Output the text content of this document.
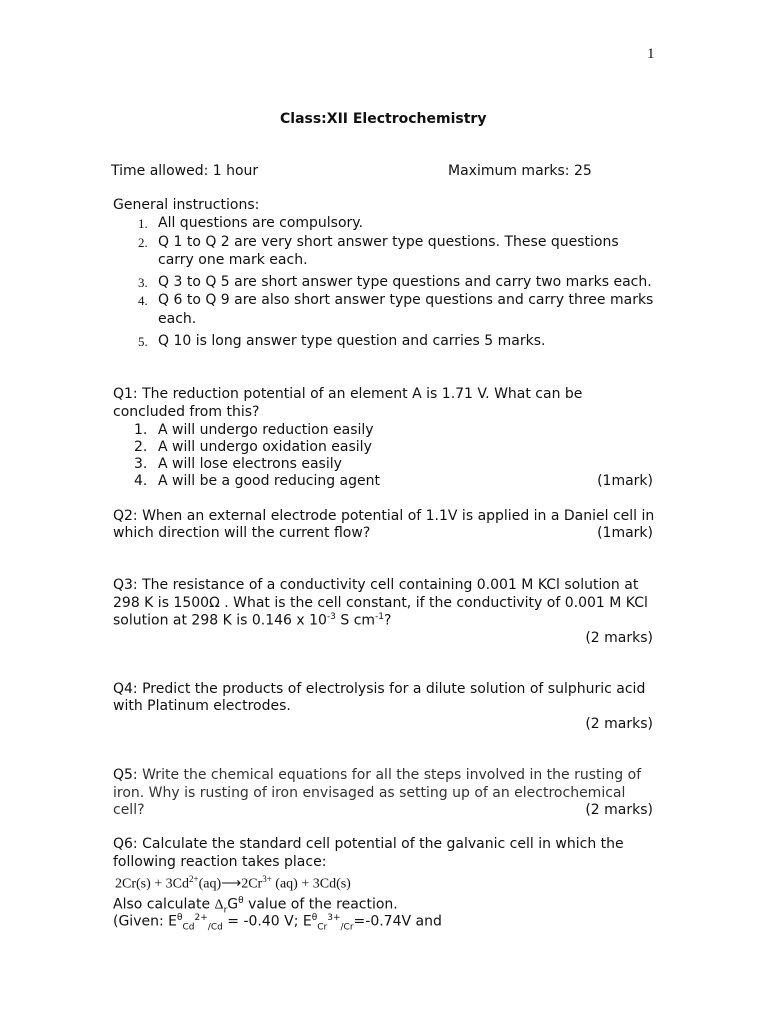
1
Class:XII Electrochemistry
Time allowed: 1 hour	Maximum marks: 25
General instructions:
1. All questions are compulsory.
2. Q 1 to Q 2 are very short answer type questions. These questions
carry one mark each.
3. Q 3 to Q 5 are short answer type questions and carry two marks each.
4. Q 6 to Q 9 are also short answer type questions and carry three marks
each.
5. Q 10 is long answer type question and carries 5 marks.
Q1: The reduction potential of an element A is 1.71 V. What can be
concluded from this?
1. A will undergo reduction easily
2. A will undergo oxidation easily
3. A will lose electrons easily
4. A will be a good reducing agent	(1mark)
Q2: When an external electrode potential of 1.1V is applied in a Daniel cell in
which direction will the current flow?	(1mark)
Q3: The resistance of a conductivity cell containing 0.001 M KCl solution at
298 K is 1500Ω . What is the cell constant, if the conductivity of 0.001 M KCl
solution at 298 K is 0.146 x $10^{-3}$ S $cm^{-1}$?
(2 marks)
Q4: Predict the products of electrolysis for a dilute solution of sulphuric acid
with Platinum electrodes.
(2 marks)
Q5: Write the chemical equations for all the steps involved in the rusting of
iron. Why is rusting of iron envisaged as setting up of an electrochemical
cell?	(2 marks)
Q6: Calculate the standard cell potential of the galvanic cell in which the
following reaction takes place:
$2Cr(s) + 3Cd^{2+}(aq)⟶2Cr^{3+}$ (aq) + 3Cd(s)
Also calculate $\Delta_rG^\theta$ value of the reaction.
(Given: $E^\theta_{Cd}^{2+}_{/Cd} = -0.40$ V; $E^\theta_{Cr}^{3+}_{/Cr}=-0.74V$ and
